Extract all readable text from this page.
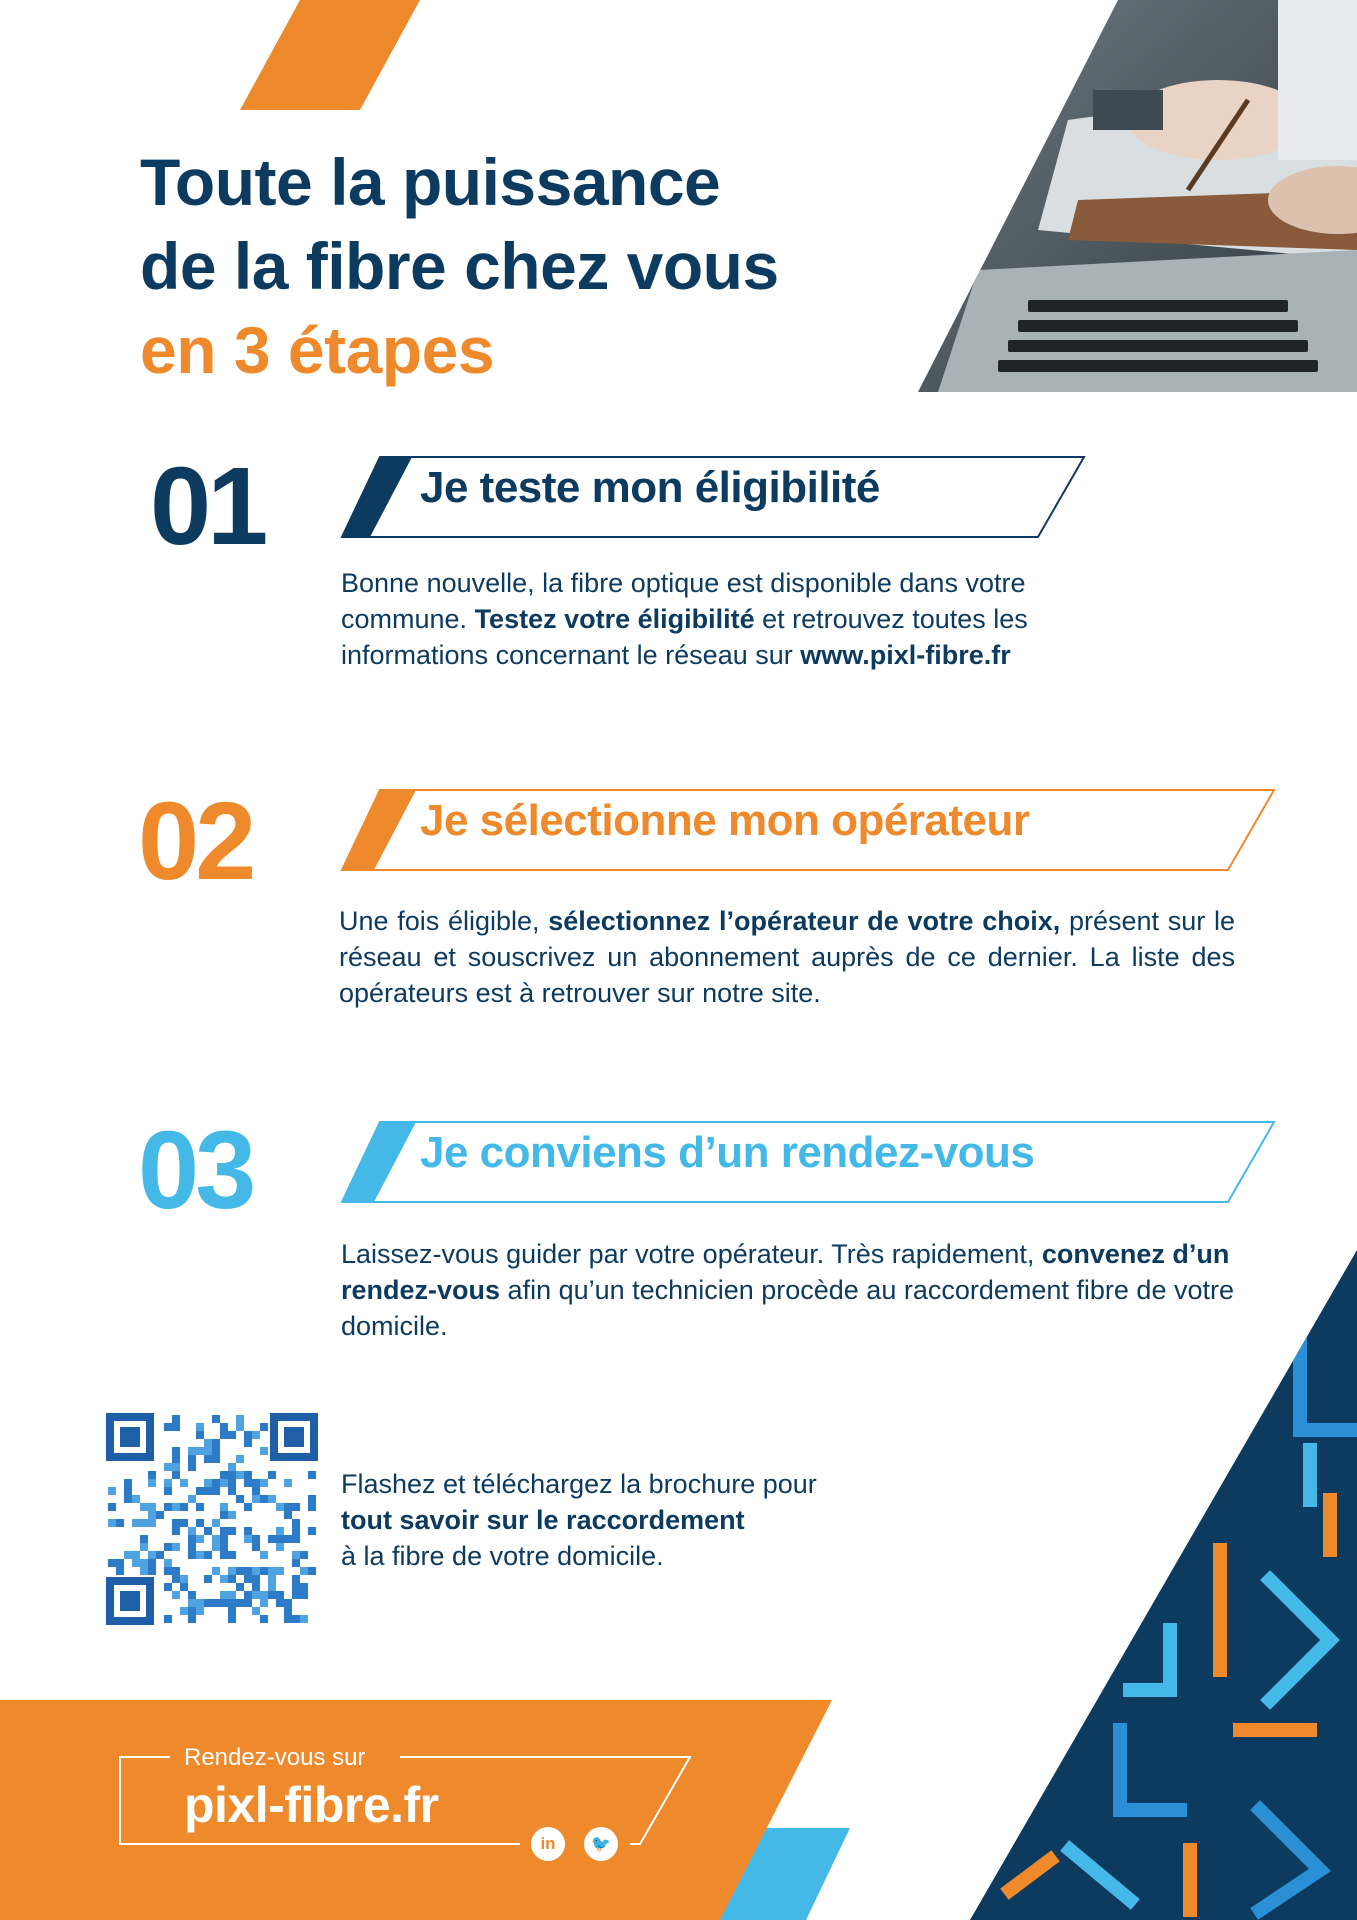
Toute la puissance
de la fibre chez vous
en 3 étapes
01	Je teste mon éligibilité

Bonne nouvelle, la fibre optique est disponible dans votre commune. Testez votre éligibilité et retrouvez toutes les informations concernant le réseau sur www.pixl-fibre.fr

02	Je sélectionne mon opérateur

Une fois éligible, sélectionnez l’opérateur de votre choix, présent sur le réseau et souscrivez un abonnement auprès de ce dernier. La liste des opérateurs est à retrouver sur notre site.

03	Je conviens d’un rendez-vous

Laissez-vous guider par votre opérateur. Très rapidement, convenez d’un rendez-vous afin qu’un technicien procède au raccordement fibre de votre domicile.

Flashez et téléchargez la brochure pour
tout savoir sur le raccordement
à la fibre de votre domicile.

Rendez-vous sur
pixl-fibre.fr
in	🐦
